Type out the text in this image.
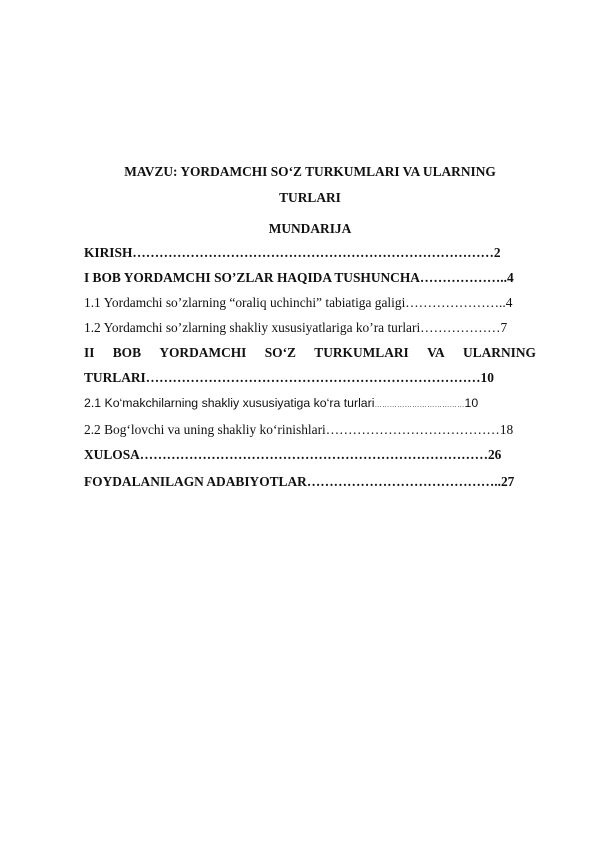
MAVZU: YORDAMCHI SO‘Z TURKUMLARI VA ULARNING
TURLARI
MUNDARIJA
KIRISH………………………………………………………………………2
I BOB YORDAMCHI SO’ZLAR HAQIDA TUSHUNCHA………………..4
1.1 Yordamchi so’zlarning “oraliq uchinchi” tabiatiga galigi…………………..4
1.2 Yordamchi so’zlarning shakliy xususiyatlariga ko’ra turlari………………7
II BOB YORDAMCHI SO‘Z TURKUMLARI VA ULARNING
TURLARI…………………………………………………………………10
2.1 Ko‘makchilarning shakliy xususiyatiga ko‘ra turlari………………………………10
2.2 Bog‘lovchi va uning shakliy ko‘rinishlari…………………………………18
XULOSA……………………………………………………………………26
FOYDALANILAGN ADABIYOTLAR……………………………………..27
